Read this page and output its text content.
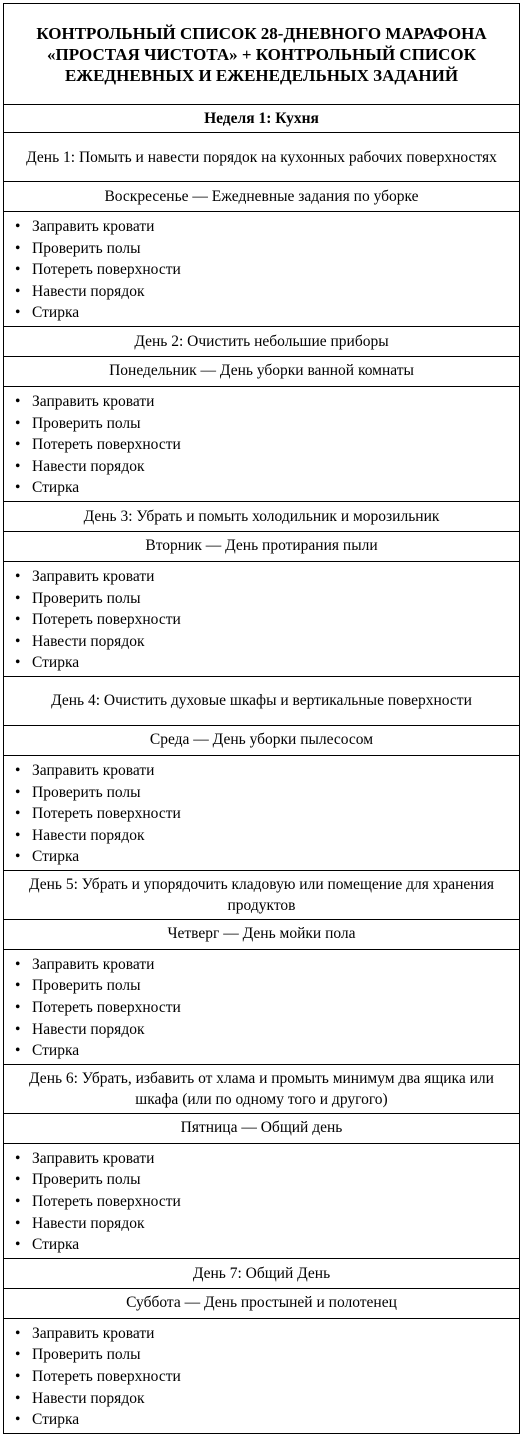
КОНТРОЛЬНЫЙ СПИСОК 28-ДНЕВНОГО МАРАФОНА «ПРОСТАЯ ЧИСТОТА» + КОНТРОЛЬНЫЙ СПИСОК ЕЖЕДНЕВНЫХ И ЕЖЕНЕДЕЛЬНЫХ ЗАДАНИЙ
Неделя 1: Кухня
День 1: Помыть и навести порядок на кухонных рабочих поверхностях
Воскресенье — Ежедневные задания по уборке
• Заправить кровати
• Проверить полы
• Потереть поверхности
• Навести порядок
• Стирка
День 2: Очистить небольшие приборы
Понедельник — День уборки ванной комнаты
• Заправить кровати
• Проверить полы
• Потереть поверхности
• Навести порядок
• Стирка
День 3: Убрать и помыть холодильник и морозильник
Вторник — День протирания пыли
• Заправить кровати
• Проверить полы
• Потереть поверхности
• Навести порядок
• Стирка
День 4: Очистить духовые шкафы и вертикальные поверхности
Среда — День уборки пылесосом
• Заправить кровати
• Проверить полы
• Потереть поверхности
• Навести порядок
• Стирка
День 5: Убрать и упорядочить кладовую или помещение для хранения продуктов
Четверг — День мойки пола
• Заправить кровати
• Проверить полы
• Потереть поверхности
• Навести порядок
• Стирка
День 6: Убрать, избавить от хлама и промыть минимум два ящика или шкафа (или по одному того и другого)
Пятница — Общий день
• Заправить кровати
• Проверить полы
• Потереть поверхности
• Навести порядок
• Стирка
День 7: Общий День
Суббота — День простыней и полотенец
• Заправить кровати
• Проверить полы
• Потереть поверхности
• Навести порядок
• Стирка
